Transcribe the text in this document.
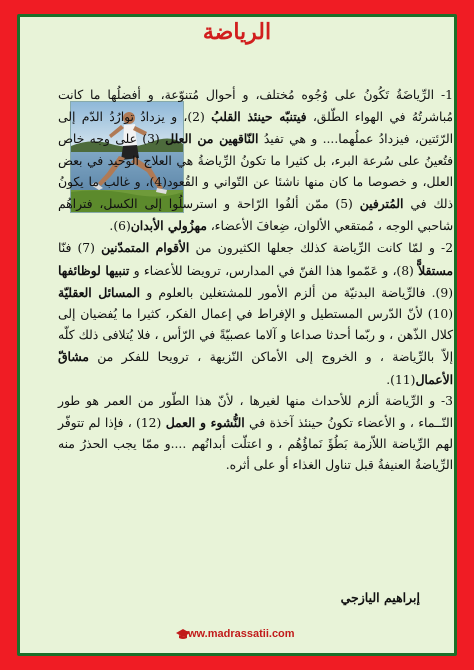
الرياضة

1- الرِّياضَةُ تَكُونُ على وُجُوه مُختلف، و أحوال مُتنوّعة، و أفضلُها ما كانت مُباشرتُهُ في الهواء الطّلق، فيتنبّه حينئذ القلبُ (2)، و يزدادُ توارُدُ الدّم إلى الرّئتين، فيزدادُ عملُهما.... و هي تفيدُ النّاقهين من العلل (3) على وجه خاص فتُعينُ على سُرعة البرء، بل كثيرا ما تكونُ الرِّياضةُ هي العلاج الوحيد في بعض العلل، و خصوصا ما كان منها ناشئا عن التّواني و القُعود(4)، و غالب ما يكونُ ذلك في المُترفين (5) ممّن ألفُوا الرّاحة و استرسلُوا إلى الكسل، فتراهُم شاحبي الوجه ، مُمتقعي الألوان، ضِعافَ الأعضاء، مهزُولي الأبدان(6).

2- و لمّا كانت الرِّياضة كذلك جعلها الكثيرون من الأقوام المتمدّنين (7) فنّا مستقلاًّ (8)، و عَمّموا هذا الفنّ في المدارس، ترويضا للأعضاء و تنبيها لوظائفها (9). فالرِّياضة البدنيّة من ألزم الأمور للمشتغلين بالعلوم و المسائل العقليّة (10) لأنّ الدّرس المستطيل و الإفراط في إعمال الفكر، كثيرا ما يُفضيان إلى كلال الذّهن ، و ربّما أحدثا صداعا و آلاما عصبيّةً في الرّأس ، فلا يُتلافى ذلك كلّه إلاّ بالرِّياضة ، و الخروج إلى الأماكن النّزيهة ، ترويحا للفكر من مشاقّ الأعمال(11).

3- و الرِّياضة ألزم للأحداث منها لغيرها ، لأنّ هذا الطّور من العمر هو طور النّــماء ، و الأعضاء تكونُ حينئذ آخذة في النُّشوء و العمل (12) ، فإذا لم تتوفّر لهم الرِّياضة اللاّزمة بَطُؤَ نَماؤُهُم ، و اعتلّت أبدانُهم ....و ممّا يجب الحذرُ منه الرِّياضةُ العنيفةُ قبل تناول الغذاء أو على أثره.

إبراهيم اليازجي
www.madrassatii.com
